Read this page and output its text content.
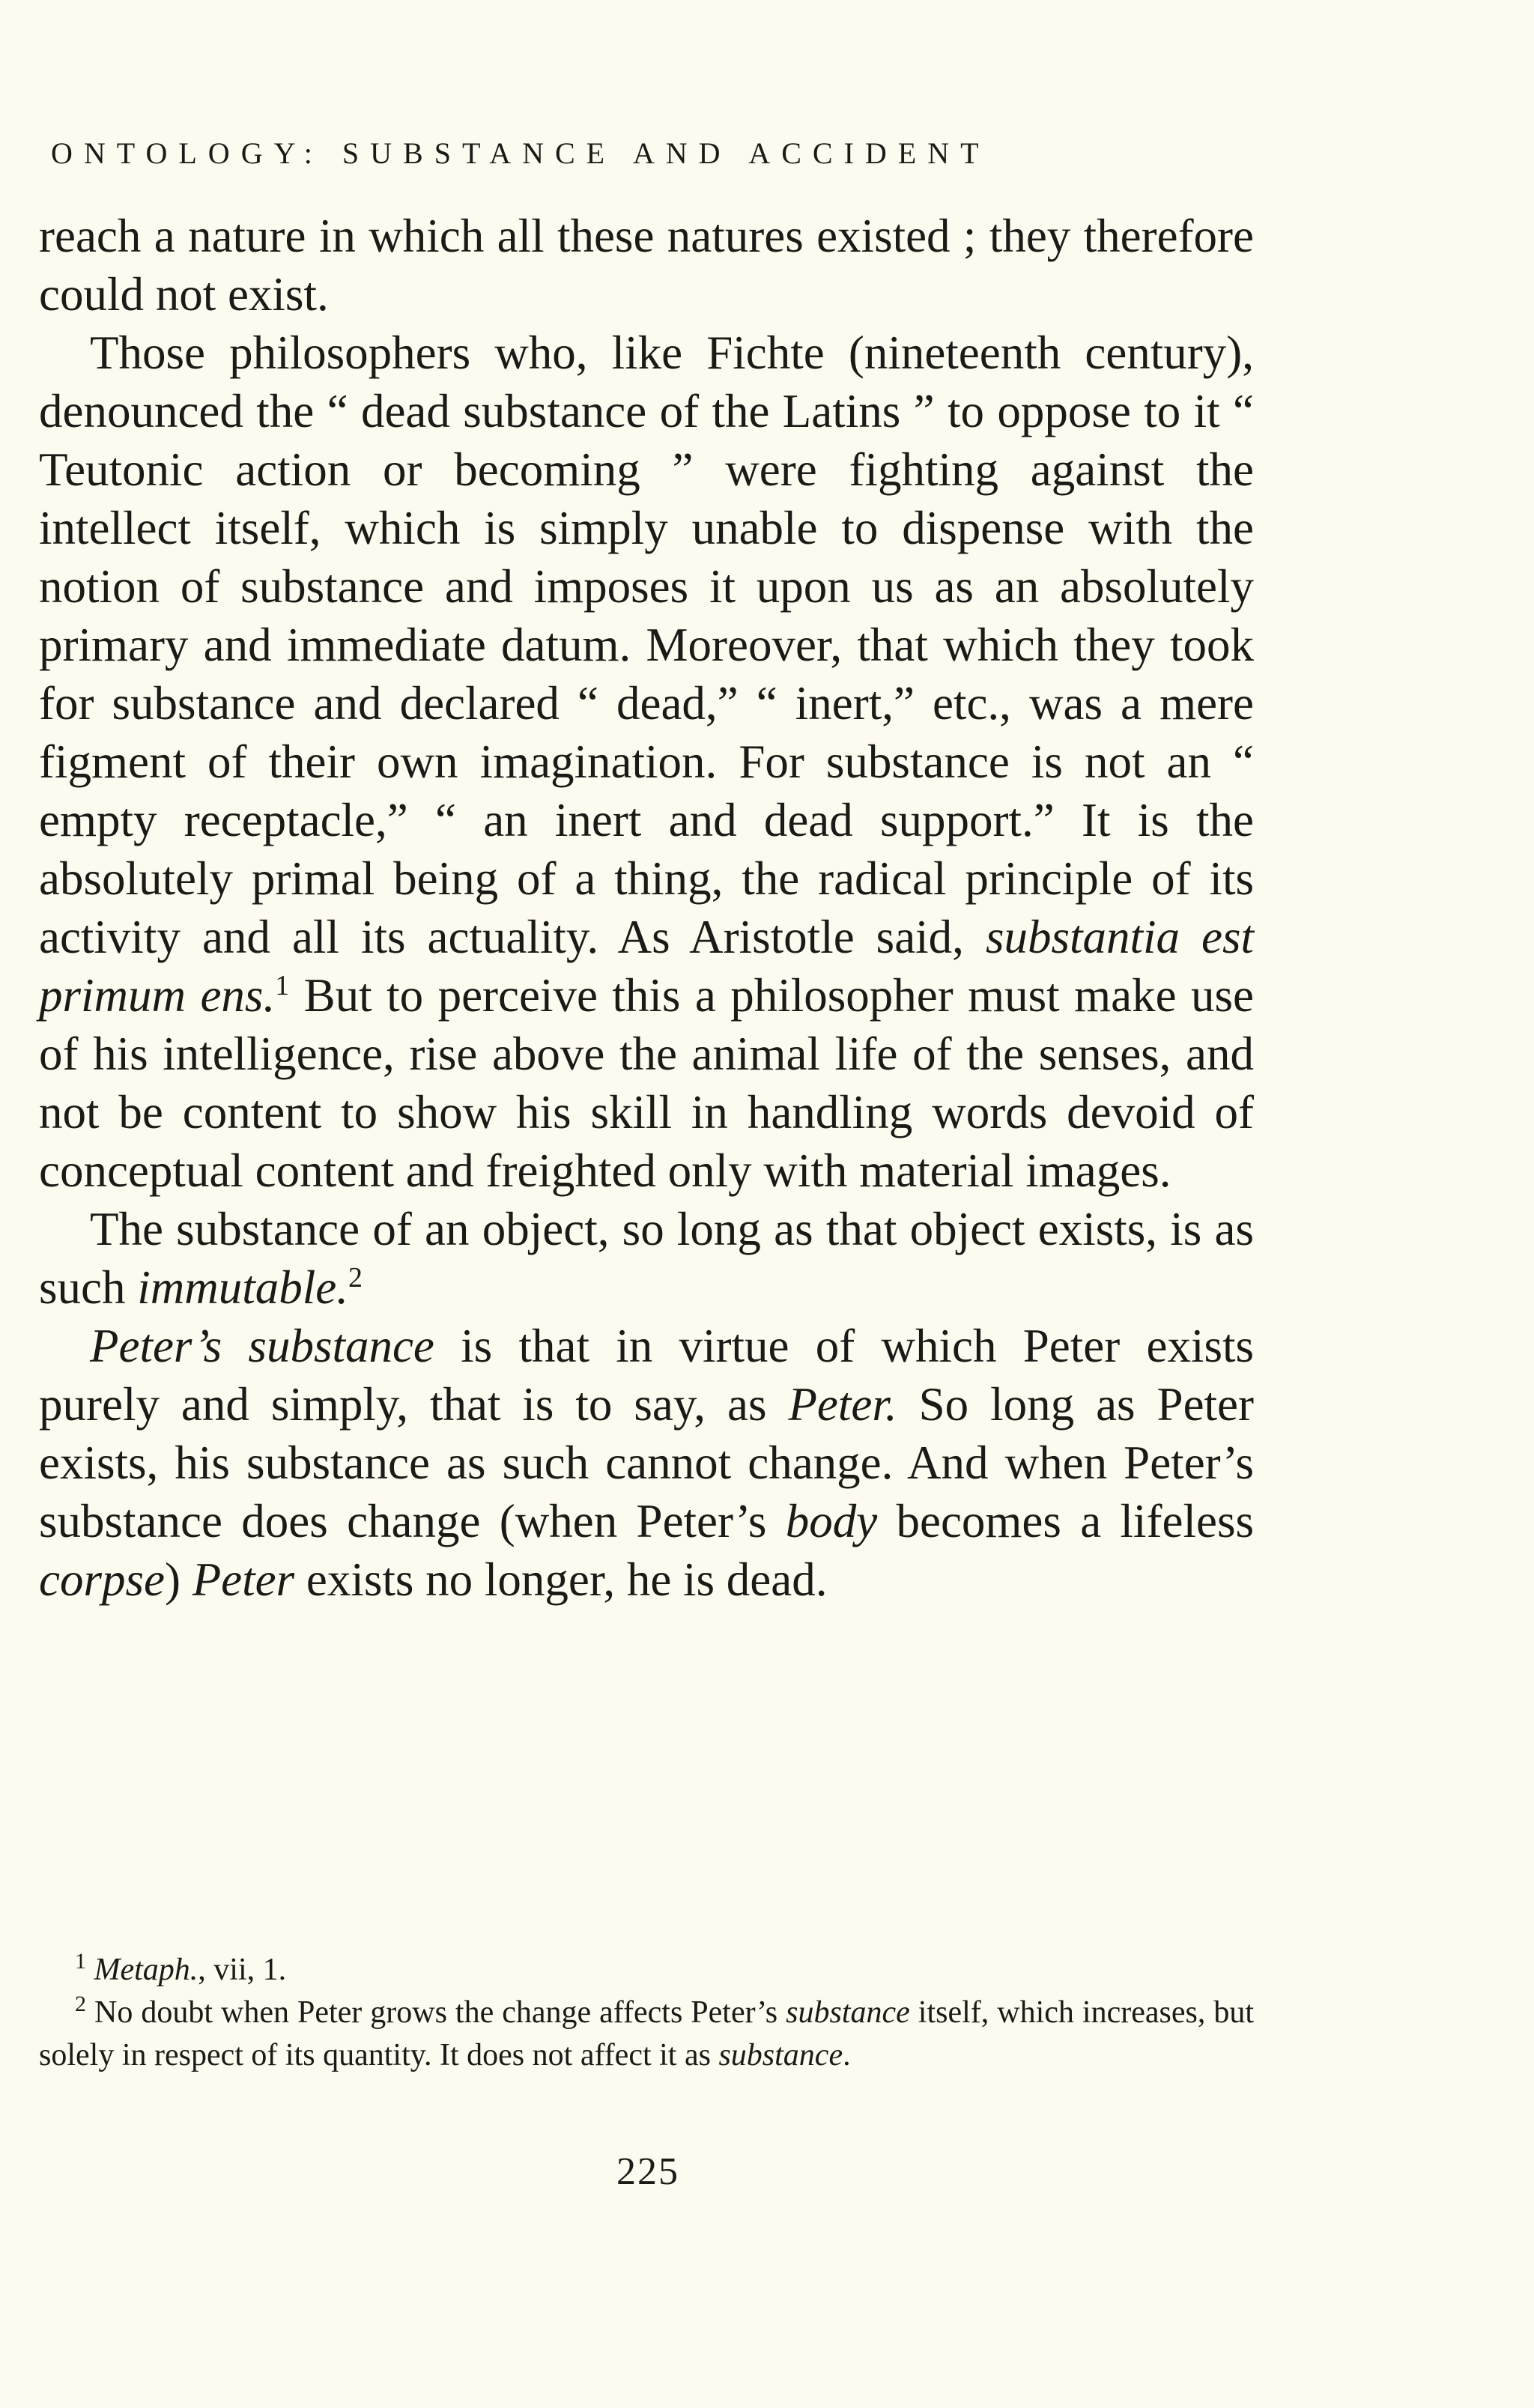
ONTOLOGY: SUBSTANCE AND ACCIDENT

reach a nature in which all these natures existed ; they therefore could not exist.

Those philosophers who, like Fichte (nineteenth century), denounced the “ dead substance of the Latins ” to oppose to it “ Teutonic action or becoming ” were fighting against the intellect itself, which is simply unable to dispense with the notion of substance and imposes it upon us as an absolutely primary and immediate datum. Moreover, that which they took for substance and declared “ dead,” “ inert,” etc., was a mere figment of their own imagination. For substance is not an “ empty receptacle,” “ an inert and dead support.” It is the absolutely primal being of a thing, the radical principle of its activity and all its actuality. As Aristotle said, substantia est primum ens.$^1$ But to perceive this a philosopher must make use of his intelligence, rise above the animal life of the senses, and not be content to show his skill in handling words devoid of conceptual content and freighted only with material images.

The substance of an object, so long as that object exists, is as such immutable.$^2$

Peter’s substance is that in virtue of which Peter exists purely and simply, that is to say, as Peter. So long as Peter exists, his substance as such cannot change. And when Peter’s substance does change (when Peter’s body becomes a lifeless corpse) Peter exists no longer, he is dead.

$^1$ Metaph., vii, 1.

$^2$ No doubt when Peter grows the change affects Peter’s substance itself, which increases, but solely in respect of its quantity. It does not affect it as substance.

225
